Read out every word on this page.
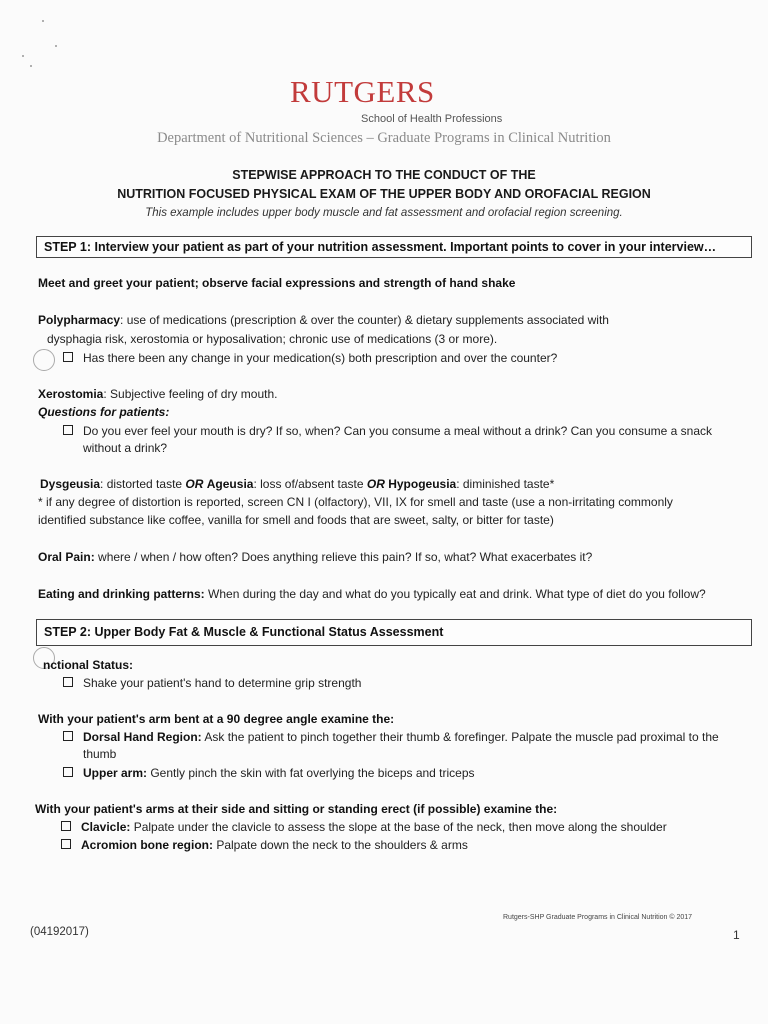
RUTGERS
School of Health Professions
Department of Nutritional Sciences – Graduate Programs in Clinical Nutrition
STEPWISE APPROACH TO THE CONDUCT OF THE
NUTRITION FOCUSED PHYSICAL EXAM OF THE UPPER BODY AND OROFACIAL REGION
This example includes upper body muscle and fat assessment and orofacial region screening.
STEP 1: Interview your patient as part of your nutrition assessment. Important points to cover in your interview…
Meet and greet your patient; observe facial expressions and strength of hand shake
Polypharmacy: use of medications (prescription & over the counter) & dietary supplements associated with
dysphagia risk, xerostomia or hyposalivation; chronic use of medications (3 or more).
Has there been any change in your medication(s) both prescription and over the counter?
Xerostomia: Subjective feeling of dry mouth.
Questions for patients:
Do you ever feel your mouth is dry? If so, when? Can you consume a meal without a drink? Can you consume a snack
without a drink?
Dysgeusia: distorted taste OR Ageusia: loss of/absent taste OR Hypogeusia: diminished taste*
* if any degree of distortion is reported, screen CN I (olfactory), VII, IX for smell and taste (use a non-irritating commonly
identified substance like coffee, vanilla for smell and foods that are sweet, salty, or bitter for taste)
Oral Pain: where / when / how often? Does anything relieve this pain? If so, what? What exacerbates it?
Eating and drinking patterns: When during the day and what do you typically eat and drink. What type of diet do you follow?
STEP 2: Upper Body Fat & Muscle & Functional Status Assessment
nctional Status:
Shake your patient's hand to determine grip strength
With your patient's arm bent at a 90 degree angle examine the:
Dorsal Hand Region: Ask the patient to pinch together their thumb & forefinger. Palpate the muscle pad proximal to the
thumb
Upper arm: Gently pinch the skin with fat overlying the biceps and triceps
With your patient's arms at their side and sitting or standing erect (if possible) examine the:
Clavicle: Palpate under the clavicle to assess the slope at the base of the neck, then move along the shoulder
Acromion bone region: Palpate down the neck to the shoulders & arms
Rutgers-SHP Graduate Programs in Clinical Nutrition © 2017
(04192017)	1
